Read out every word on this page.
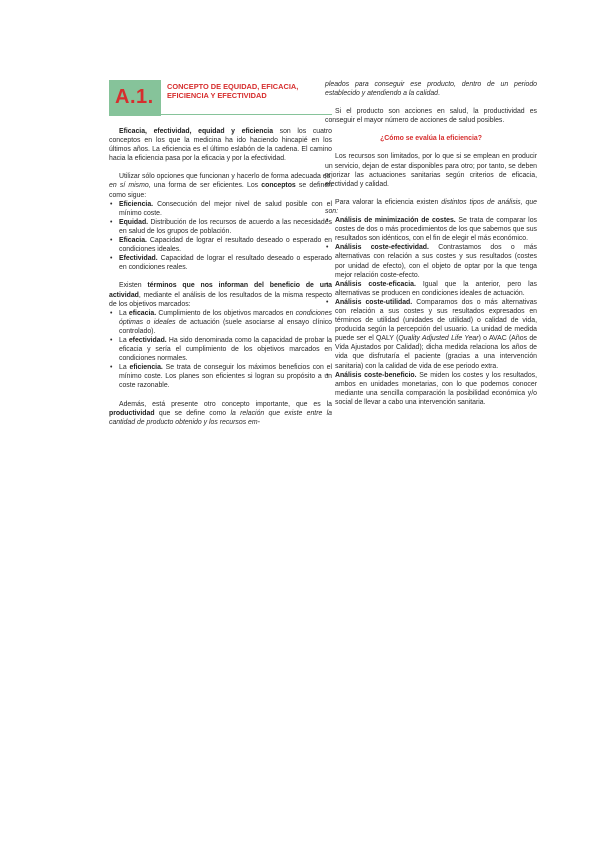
A.1. CONCEPTO DE EQUIDAD, EFICACIA, EFICIENCIA Y EFECTIVIDAD

Eficacia, efectividad, equidad y eficiencia son los cuatro conceptos en los que la medicina ha ido haciendo hincapié en los últimos años. La eficiencia es el último eslabón de la cadena. El camino hacia la eficiencia pasa por la eficacia y por la efectividad.

Utilizar sólo opciones que funcionan y hacerlo de forma adecuada es, en sí mismo, una forma de ser eficientes. Los conceptos se definen como sigue:

• Eficiencia. Consecución del mejor nivel de salud posible con el mínimo coste.
• Equidad. Distribución de los recursos de acuerdo a las necesidades en salud de los grupos de población.
• Eficacia. Capacidad de lograr el resultado deseado o esperado en condiciones ideales.
• Efectividad. Capacidad de lograr el resultado deseado o esperado en condiciones reales.

Existen términos que nos informan del beneficio de una actividad, mediante el análisis de los resultados de la misma respecto de los objetivos marcados:

• La eficacia. Cumplimiento de los objetivos marcados en condiciones óptimas o ideales de actuación (suele asociarse al ensayo clínico controlado).
• La efectividad. Ha sido denominada como la capacidad de probar la eficacia y sería el cumplimiento de los objetivos marcados en condiciones normales.
• La eficiencia. Se trata de conseguir los máximos beneficios con el mínimo coste. Los planes son eficientes si logran su propósito a un coste razonable.

Además, está presente otro concepto importante, que es la productividad que se define como la relación que existe entre la cantidad de producto obtenido y los recursos em-

pleados para conseguir ese producto, dentro de un periodo establecido y atendiendo a la calidad.

Si el producto son acciones en salud, la productividad es conseguir el mayor número de acciones de salud posibles.

¿Cómo se evalúa la eficiencia?

Los recursos son limitados, por lo que si se emplean en producir un servicio, dejan de estar disponibles para otro; por tanto, se deben priorizar las actuaciones sanitarias según criterios de eficacia, efectividad y calidad.

Para valorar la eficiencia existen distintos tipos de análisis, que son:

• Análisis de minimización de costes. Se trata de comparar los costes de dos o más procedimientos de los que sabemos que sus resultados son idénticos, con el fin de elegir el más económico.
• Análisis coste-efectividad. Contrastamos dos o más alternativas con relación a sus costes y sus resultados (costes por unidad de efecto), con el objeto de optar por la que tenga mejor relación coste-efecto.
• Análisis coste-eficacia. Igual que la anterior, pero las alternativas se producen en condiciones ideales de actuación.
• Análisis coste-utilidad. Comparamos dos o más alternativas con relación a sus costes y sus resultados expresados en términos de utilidad (unidades de utilidad) o calidad de vida, producida según la percepción del usuario. La unidad de medida puede ser el QALY (Quality Adjusted Life Year) o AVAC (Años de Vida Ajustados por Calidad); dicha medida relaciona los años de vida que disfrutaría el paciente (gracias a una intervención sanitaria) con la calidad de vida de ese periodo extra.
• Análisis coste-beneficio. Se miden los costes y los resultados, ambos en unidades monetarias, con lo que podemos conocer mediante una sencilla comparación la posibilidad económica y/o social de llevar a cabo una intervención sanitaria.
